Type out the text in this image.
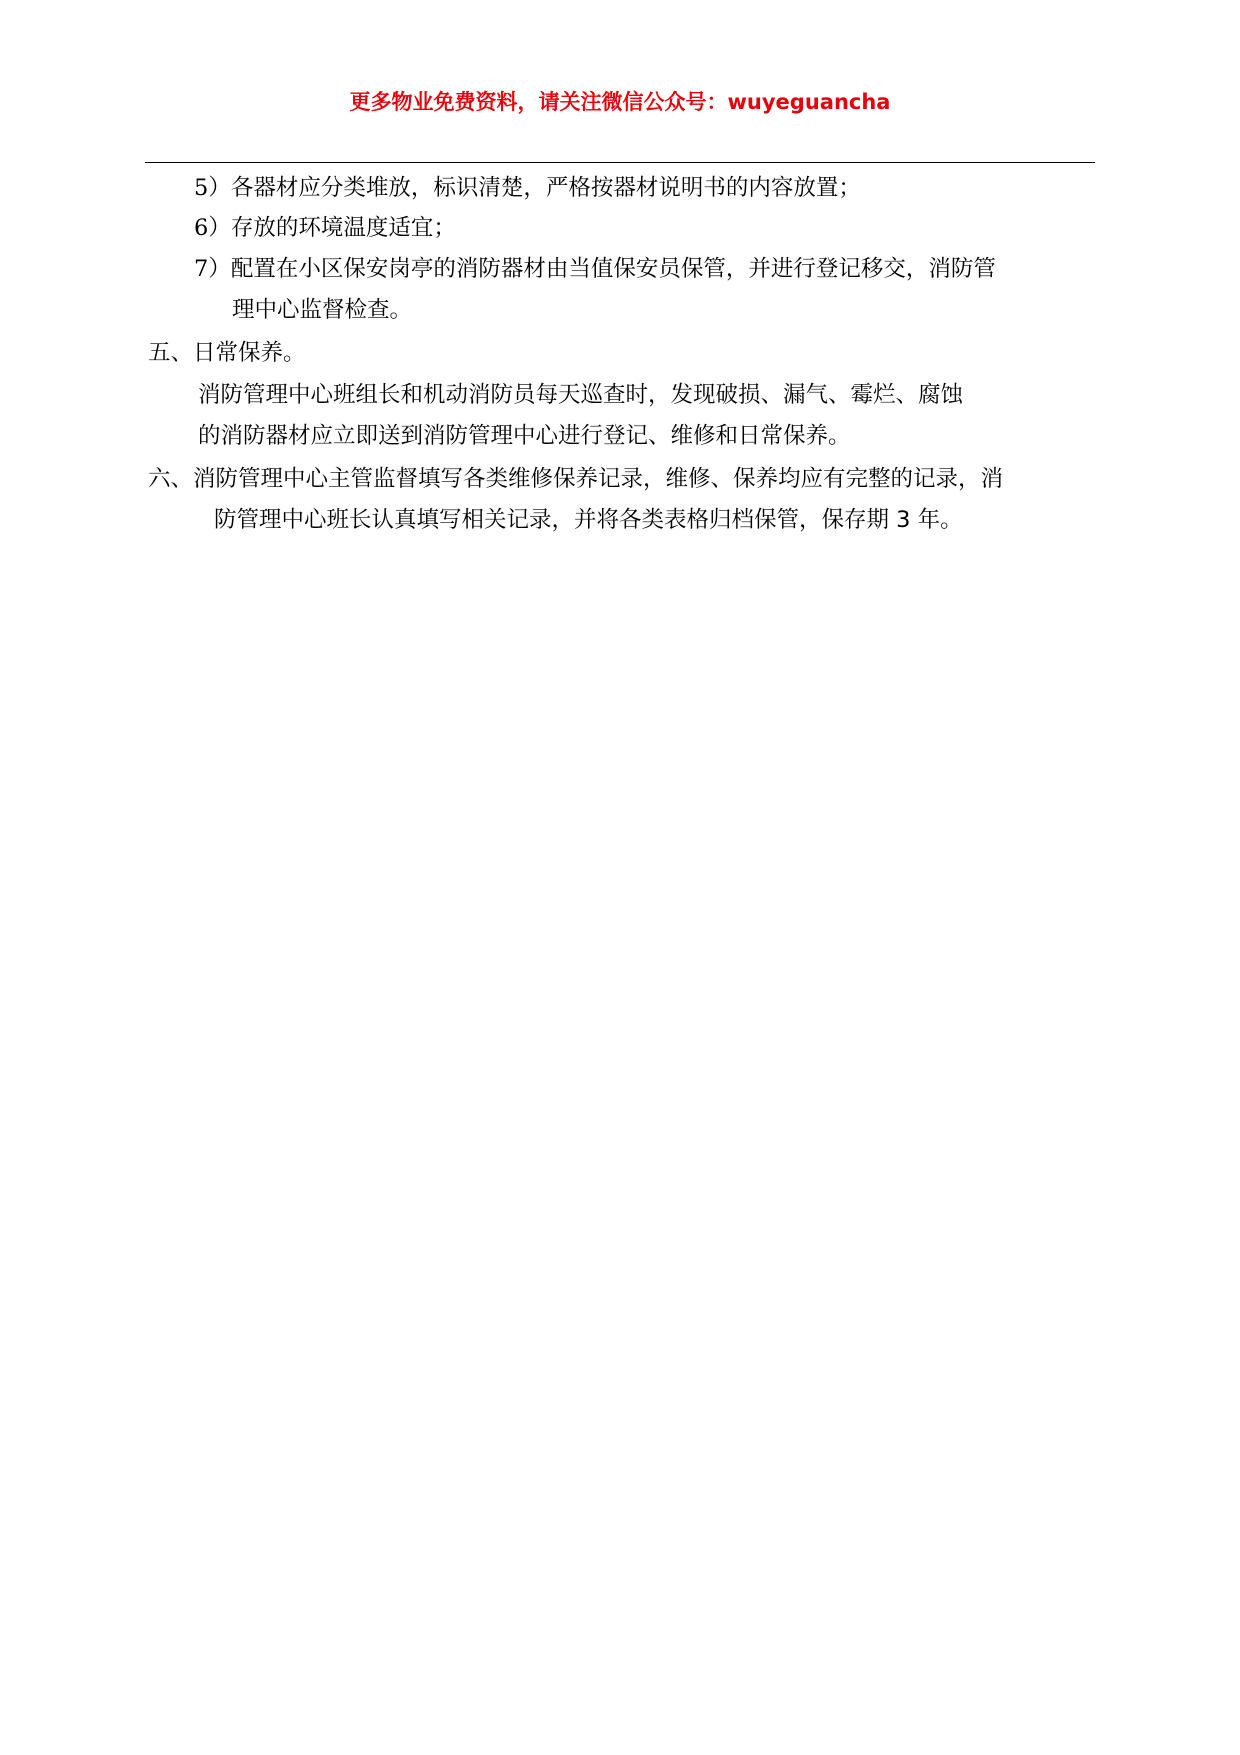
更多物业免费资料，请关注微信公众号：wuyeguancha
5）各器材应分类堆放，标识清楚，严格按器材说明书的内容放置；
6）存放的环境温度适宜；
7）配置在小区保安岗亭的消防器材由当值保安员保管，并进行登记移交，消防管
理中心监督检查。
五、日常保养。
消防管理中心班组长和机动消防员每天巡查时，发现破损、漏气、霉烂、腐蚀
的消防器材应立即送到消防管理中心进行登记、维修和日常保养。
六、消防管理中心主管监督填写各类维修保养记录，维修、保养均应有完整的记录，消
防管理中心班长认真填写相关记录，并将各类表格归档保管，保存期 3 年。
